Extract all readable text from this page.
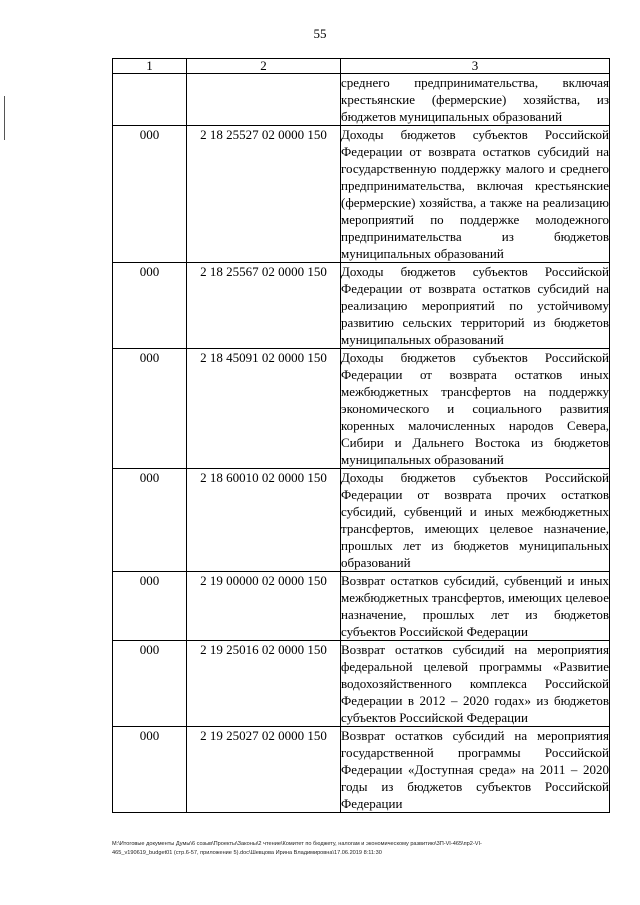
55
1	2	3
		среднего предпринимательства, включая крестьянские (фермерские) хозяйства, из бюджетов муниципальных образований
000	2 18 25527 02 0000 150	Доходы бюджетов субъектов Российской Федерации от возврата остатков субсидий на государственную поддержку малого и среднего предпринимательства, включая крестьянские (фермерские) хозяйства, а также на реализацию мероприятий по поддержке молодежного предпринимательства из бюджетов муниципальных образований
000	2 18 25567 02 0000 150	Доходы бюджетов субъектов Российской Федерации от возврата остатков субсидий на реализацию мероприятий по устойчивому развитию сельских территорий из бюджетов муниципальных образований
000	2 18 45091 02 0000 150	Доходы бюджетов субъектов Российской Федерации от возврата остатков иных межбюджетных трансфертов на поддержку экономического и социального развития коренных малочисленных народов Севера, Сибири и Дальнего Востока из бюджетов муниципальных образований
000	2 18 60010 02 0000 150	Доходы бюджетов субъектов Российской Федерации от возврата прочих остатков субсидий, субвенций и иных межбюджетных трансфертов, имеющих целевое назначение, прошлых лет из бюджетов муниципальных образований
000	2 19 00000 02 0000 150	Возврат остатков субсидий, субвенций и иных межбюджетных трансфертов, имеющих целевое назначение, прошлых лет из бюджетов субъектов Российской Федерации
000	2 19 25016 02 0000 150	Возврат остатков субсидий на мероприятия федеральной целевой программы «Развитие водохозяйственного комплекса Российской Федерации в 2012 – 2020 годах» из бюджетов субъектов Российской Федерации
000	2 19 25027 02 0000 150	Возврат остатков субсидий на мероприятия государственной программы Российской Федерации «Доступная среда» на 2011 – 2020 годы из бюджетов субъектов Российской Федерации
M:\Итоговые документы Думы\6 созыв\Проекты\Законы\2 чтение\Комитет по бюджету, налогам и экономическому развитию\3П-VI-465\пр2-VI-
465_v190619_budget01 (стр.6-57, приложение 5).doc\Шевцова Ирина Владимировна\17.06.2019 8:11:30
